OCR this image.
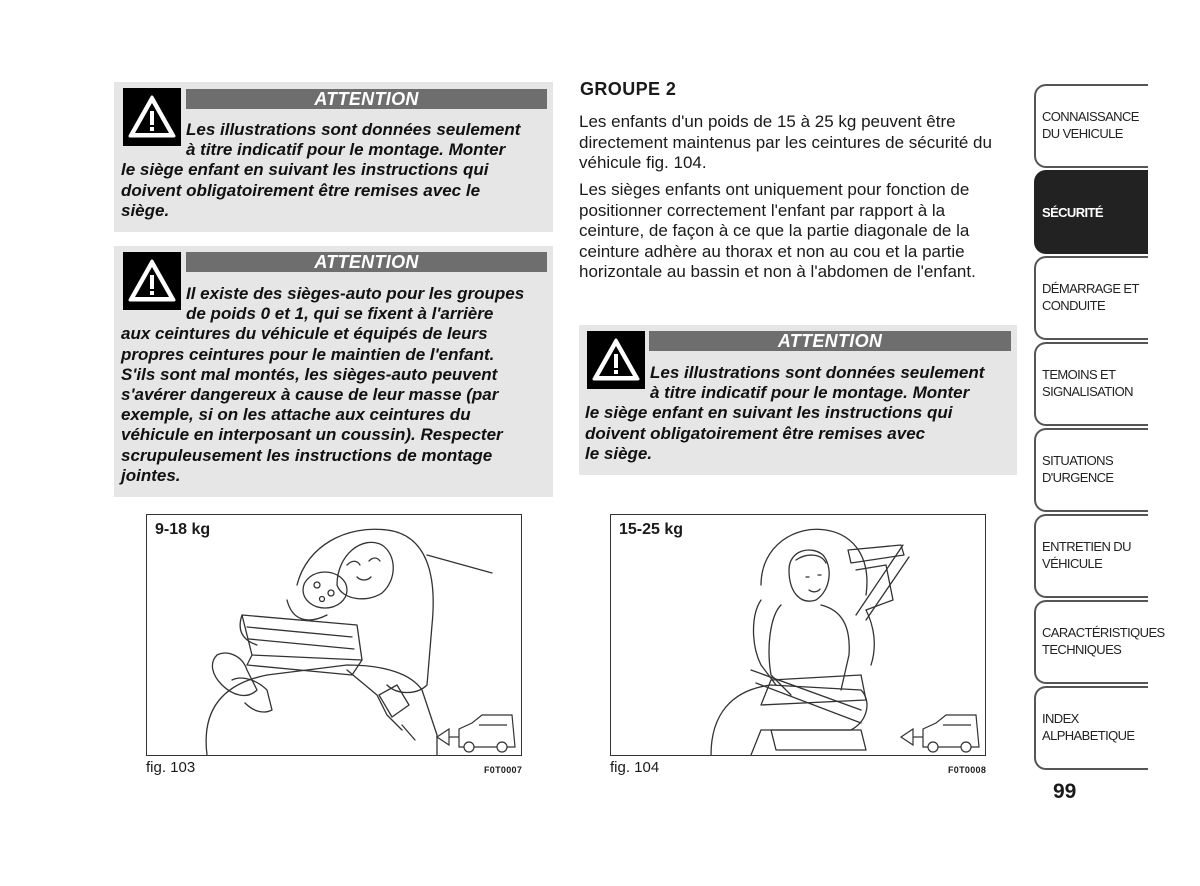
ATTENTION
Les illustrations sont données seulement
à titre indicatif pour le montage. Monter
le siège enfant en suivant les instructions qui
doivent obligatoirement être remises avec le
siège.
ATTENTION
Il existe des sièges-auto pour les groupes
de poids 0 et 1, qui se fixent à l'arrière
aux ceintures du véhicule et équipés de leurs
propres ceintures pour le maintien de l'enfant.
S'ils sont mal montés, les sièges-auto peuvent
s'avérer dangereux à cause de leur masse (par
exemple, si on les attache aux ceintures du
véhicule en interposant un coussin). Respecter
scrupuleusement les instructions de montage
jointes.
GROUPE 2
Les enfants d'un poids de 15 à 25 kg peuvent être directement maintenus par les ceintures de sécurité du véhicule fig. 104.
Les sièges enfants ont uniquement pour fonction de positionner correctement l'enfant par rapport à la ceinture, de façon à ce que la partie diagonale de la ceinture adhère au thorax et non au cou et la partie horizontale au bassin et non à l'abdomen de l'enfant.
ATTENTION
Les illustrations sont données seulement
à titre indicatif pour le montage. Monter
le siège enfant en suivant les instructions qui
doivent obligatoirement être remises avec
le siège.
9-18 kg
fig. 103	F0T0007
15-25 kg
fig. 104	F0T0008
CONNAISSANCE DU VEHICULE
SÉCURITÉ
DÉMARRAGE ET CONDUITE
TEMOINS ET SIGNALISATION
SITUATIONS D'URGENCE
ENTRETIEN DU VÉHICULE
CARACTÉRISTIQUES TECHNIQUES
INDEX ALPHABETIQUE
99
